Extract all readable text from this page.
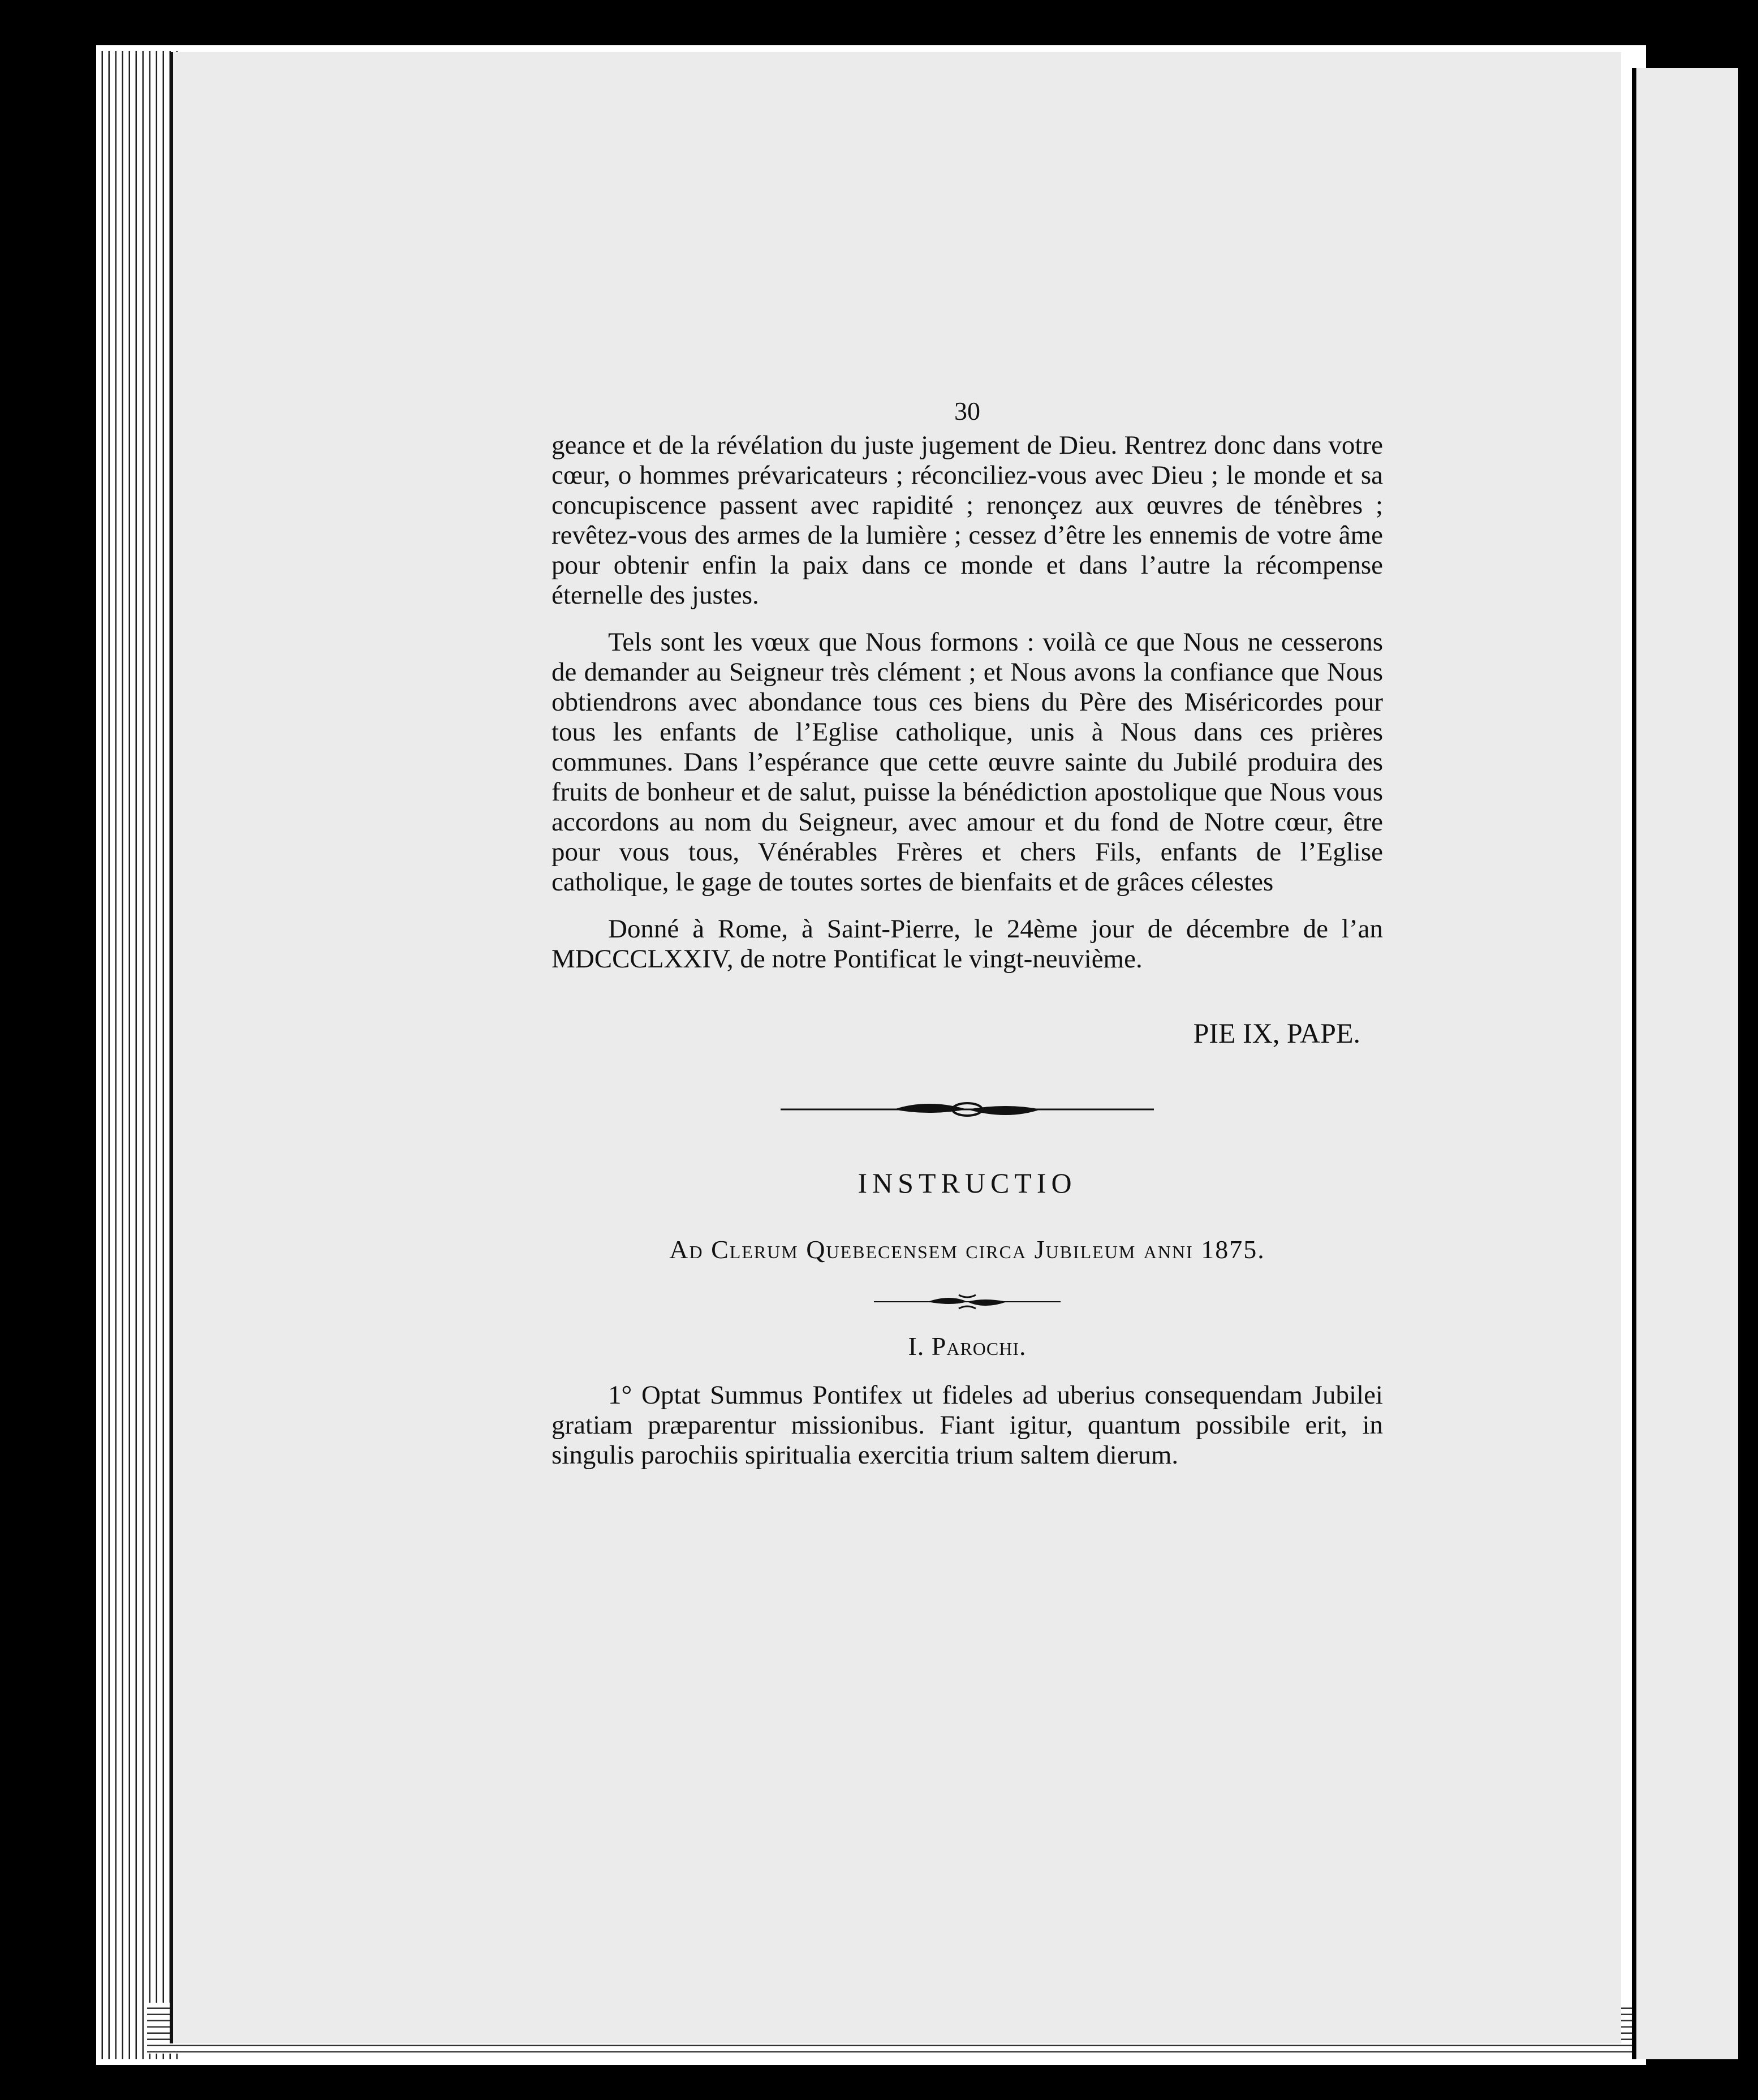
30

geance et de la révélation du juste jugement de Dieu. Rentrez donc dans votre cœur, o hommes prévaricateurs ; réconciliez-vous avec Dieu ; le monde et sa concupiscence passent avec rapidité ; renonçez aux œuvres de ténèbres ; revêtez-vous des armes de la lumière ; cessez d’être les ennemis de votre âme pour obtenir enfin la paix dans ce monde et dans l’autre la récompense éternelle des justes.

Tels sont les vœux que Nous formons : voilà ce que Nous ne cesserons de demander au Seigneur très clément ; et Nous avons la confiance que Nous obtiendrons avec abondance tous ces biens du Père des Miséricordes pour tous les enfants de l’Eglise catholique, unis à Nous dans ces prières communes. Dans l’espérance que cette œuvre sainte du Jubilé produira des fruits de bonheur et de salut, puisse la bénédiction apostolique que Nous vous accordons au nom du Seigneur, avec amour et du fond de Notre cœur, être pour vous tous, Vénérables Frères et chers Fils, enfants de l’Eglise catholique, le gage de toutes sortes de bienfaits et de grâces célestes

Donné à Rome, à Saint-Pierre, le 24ème jour de décembre de l’an MDCCCLXXIV, de notre Pontificat le vingt-neuvième.

PIE IX, PAPE.
INSTRUCTIO
Ad Clerum Quebecensem circa Jubileum anni 1875.
I. Parochi.

1° Optat Summus Pontifex ut fideles ad uberius consequendam Jubilei gratiam præparentur missionibus. Fiant igitur, quantum possibile erit, in singulis parochiis spiritualia exercitia trium saltem dierum.
